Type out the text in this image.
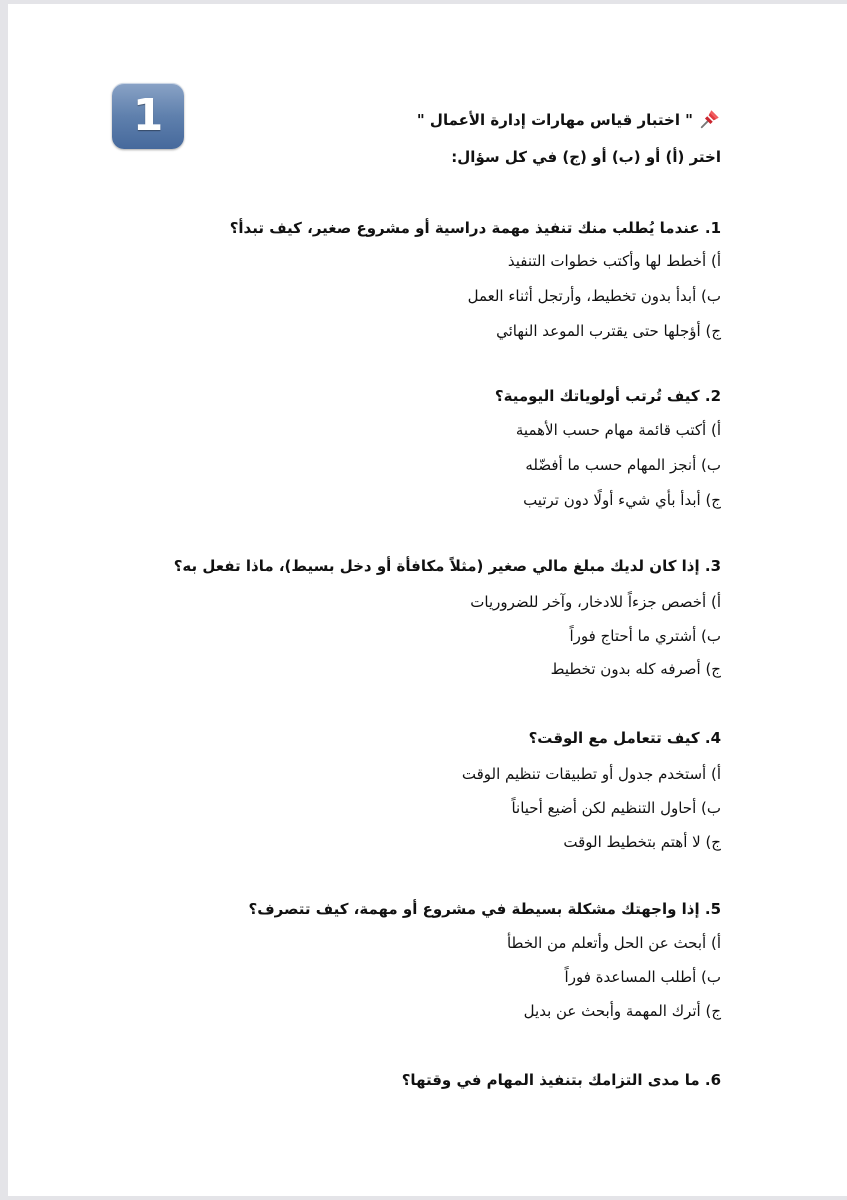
1	" اختبار قياس مهارات إدارة الأعمال "

اختر (أ) أو (ب) أو (ج) في كل سؤال:

1. عندما يُطلب منك تنفيذ مهمة دراسية أو مشروع صغير، كيف تبدأ؟

أ) أخطط لها وأكتب خطوات التنفيذ

ب) أبدأ بدون تخطيط، وأرتجل أثناء العمل

ج) أؤجلها حتى يقترب الموعد النهائي

2. كيف تُرتب أولوياتك اليومية؟

أ) أكتب قائمة مهام حسب الأهمية

ب) أنجز المهام حسب ما أفضّله

ج) أبدأ بأي شيء أولًا دون ترتيب

3. إذا كان لديك مبلغ مالي صغير (مثلاً مكافأة أو دخل بسيط)، ماذا تفعل به؟

أ) أخصص جزءاً للادخار، وآخر للضروريات

ب) أشتري ما أحتاج فوراً

ج) أصرفه كله بدون تخطيط

4. كيف تتعامل مع الوقت؟

أ) أستخدم جدول أو تطبيقات تنظيم الوقت

ب) أحاول التنظيم لكن أضيع أحياناً

ج) لا أهتم بتخطيط الوقت

5. إذا واجهتك مشكلة بسيطة في مشروع أو مهمة، كيف تتصرف؟

أ) أبحث عن الحل وأتعلم من الخطأ

ب) أطلب المساعدة فوراً

ج) أترك المهمة وأبحث عن بديل

6. ما مدى التزامك بتنفيذ المهام في وقتها؟
